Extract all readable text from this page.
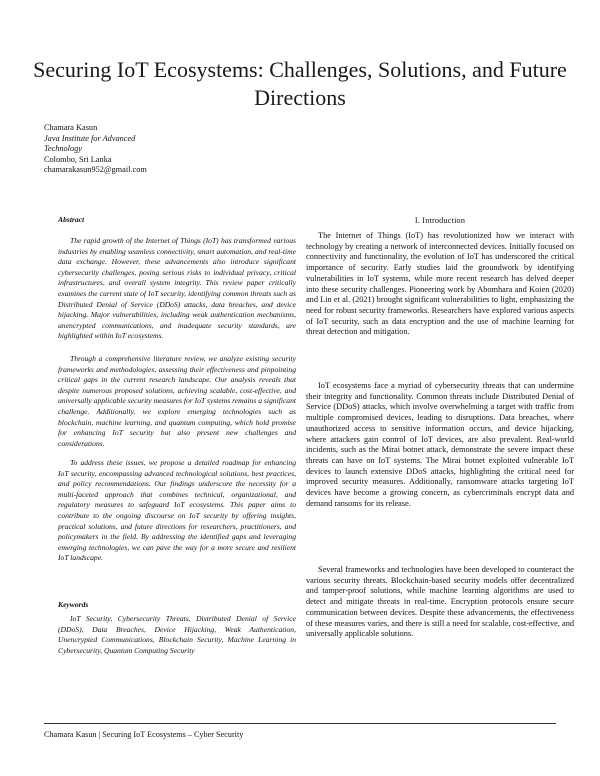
Securing IoT Ecosystems: Challenges, Solutions, and Future Directions
Chamara Kasun
Java Institute for Advanced
Technology
Colombo, Sri Lanka
chamarakasun952@gmail.com
Abstract

The rapid growth of the Internet of Things (IoT) has transformed various industries by enabling seamless connectivity, smart automation, and real-time data exchange. However, these advancements also introduce significant cybersecurity challenges, posing serious risks to individual privacy, critical infrastructures, and overall system integrity. This review paper critically examines the current state of IoT security, identifying common threats such as Distributed Denial of Service (DDoS) attacks, data breaches, and device hijacking. Major vulnerabilities, including weak authentication mechanisms, unencrypted communications, and inadequate security standards, are highlighted within IoT ecosystems.

Through a comprehensive literature review, we analyze existing security frameworks and methodologies, assessing their effectiveness and pinpointing critical gaps in the current research landscape. Our analysis reveals that despite numerous proposed solutions, achieving scalable, cost-effective, and universally applicable security measures for IoT systems remains a significant challenge. Additionally, we explore emerging technologies such as blockchain, machine learning, and quantum computing, which hold promise for enhancing IoT security but also present new challenges and considerations.

To address these issues, we propose a detailed roadmap for enhancing IoT security, encompassing advanced technological solutions, best practices, and policy recommendations. Our findings underscore the necessity for a multi-faceted approach that combines technical, organizational, and regulatory measures to safeguard IoT ecosystems. This paper aims to contribute to the ongoing discourse on IoT security by offering insights, practical solutions, and future directions for researchers, practitioners, and policymakers in the field. By addressing the identified gaps and leveraging emerging technologies, we can pave the way for a more secure and resilient IoT landscape.

Keywords

IoT Security, Cybersecurity Threats, Distributed Denial of Service (DDoS), Data Breaches, Device Hijacking, Weak Authentication, Unencrypted Communications, Blockchain Security, Machine Learning in Cybersecurity, Quantum Computing Security

I. Introduction

The Internet of Things (IoT) has revolutionized how we interact with technology by creating a network of interconnected devices. Initially focused on connectivity and functionality, the evolution of IoT has underscored the critical importance of security. Early studies laid the groundwork by identifying vulnerabilities in IoT systems, while more recent research has delved deeper into these security challenges. Pioneering work by Abomhara and Koien (2020) and Lin et al. (2021) brought significant vulnerabilities to light, emphasizing the need for robust security frameworks. Researchers have explored various aspects of IoT security, such as data encryption and the use of machine learning for threat detection and mitigation.

IoT ecosystems face a myriad of cybersecurity threats that can undermine their integrity and functionality. Common threats include Distributed Denial of Service (DDoS) attacks, which involve overwhelming a target with traffic from multiple compromised devices, leading to disruptions. Data breaches, where unauthorized access to sensitive information occurs, and device hijacking, where attackers gain control of IoT devices, are also prevalent. Real-world incidents, such as the Mirai botnet attack, demonstrate the severe impact these threats can have on IoT systems. The Mirai botnet exploited vulnerable IoT devices to launch extensive DDoS attacks, highlighting the critical need for improved security measures. Additionally, ransomware attacks targeting IoT devices have become a growing concern, as cybercriminals encrypt data and demand ransoms for its release.

Several frameworks and technologies have been developed to counteract the various security threats. Blockchain-based security models offer decentralized and tamper-proof solutions, while machine learning algorithms are used to detect and mitigate threats in real-time. Encryption protocols ensure secure communication between devices. Despite these advancements, the effectiveness of these measures varies, and there is still a need for scalable, cost-effective, and universally applicable solutions.

Chamara Kasun | Securing IoT Ecosystems – Cyber Security
